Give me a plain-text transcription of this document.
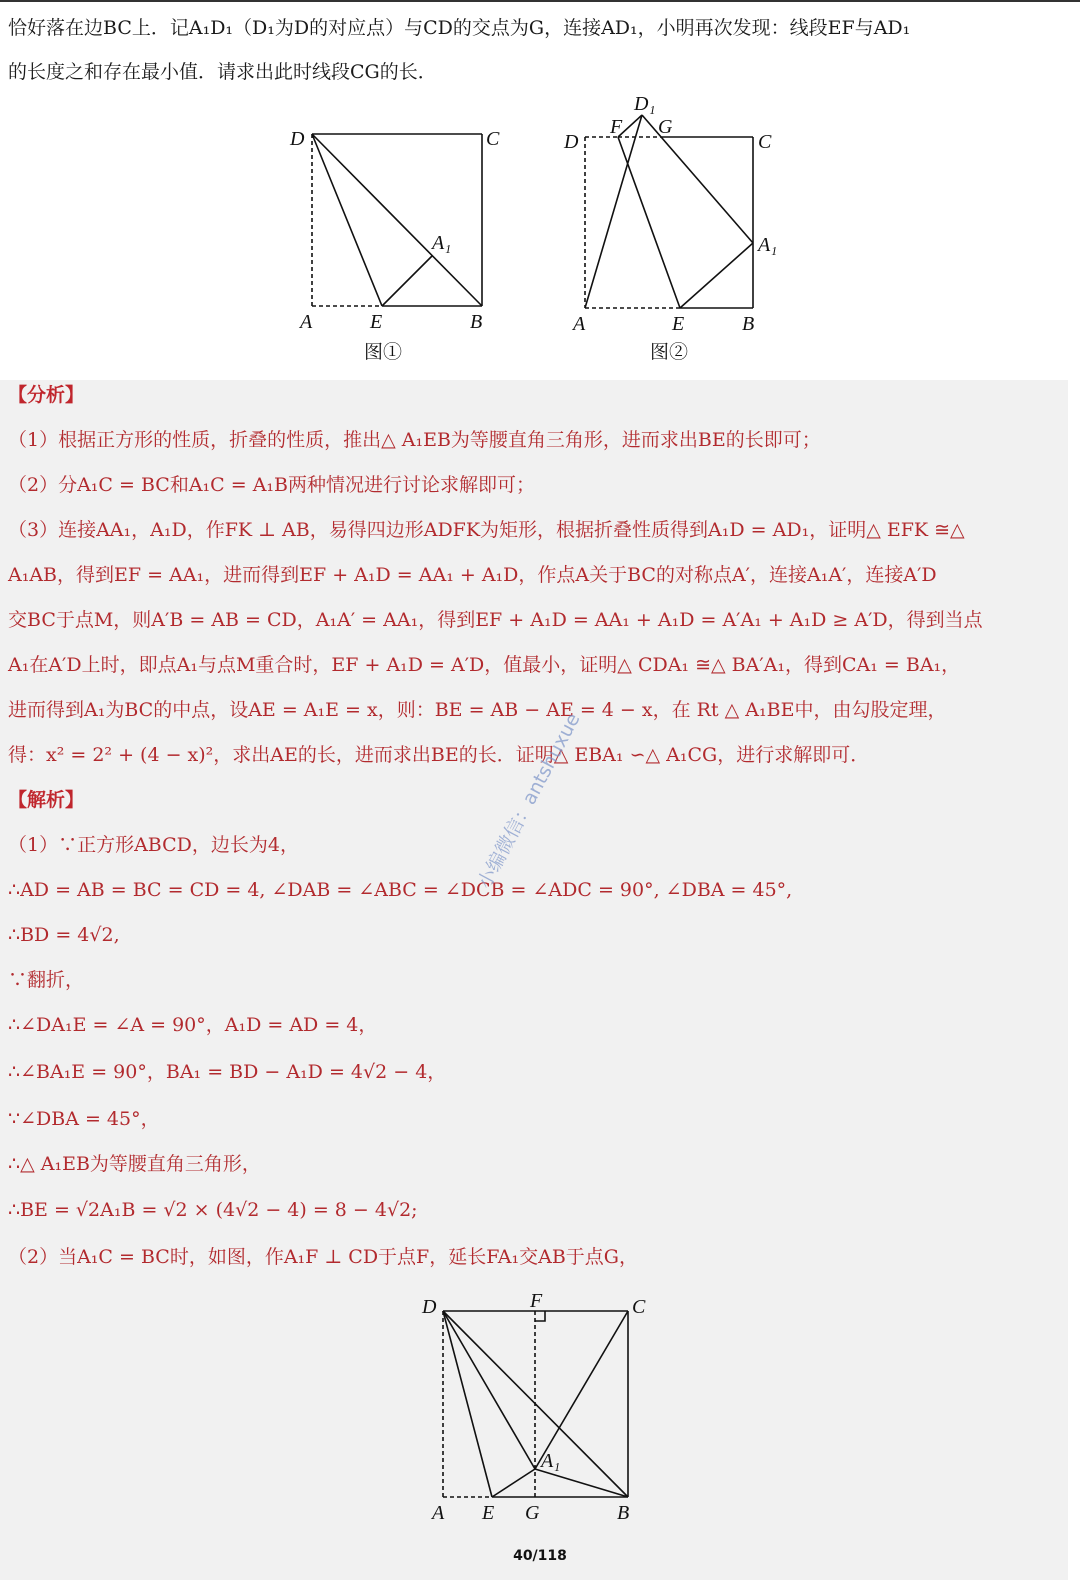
恰好落在边BC上．记A₁D₁（D₁为D的对应点）与CD的交点为G，连接AD₁，小明再次发现：线段EF与AD₁
的长度之和存在最小值．请求出此时线段CG的长．
D	C
A₁
A	E	B
图①
D₁
F G
D	C
A₁
A	E	B
图②
【分析】
（1）根据正方形的性质，折叠的性质，推出△ A₁EB为等腰直角三角形，进而求出BE的长即可；
（2）分A₁C = BC和A₁C = A₁B两种情况进行讨论求解即可；
（3）连接AA₁，A₁D，作FK ⊥ AB，易得四边形ADFK为矩形，根据折叠性质得到A₁D = AD₁，证明△ EFK ≅△
A₁AB，得到EF = AA₁，进而得到EF + A₁D = AA₁ + A₁D，作点A关于BC的对称点A′，连接A₁A′，连接A′D
交BC于点M，则A′B = AB = CD，A₁A′ = AA₁，得到EF + A₁D = AA₁ + A₁D = A′A₁ + A₁D ≥ A′D，得到当点
A₁在A′D上时，即点A₁与点M重合时，EF + A₁D = A′D，值最小，证明△ CDA₁ ≅△ BA′A₁，得到CA₁ = BA₁，
进而得到A₁为BC的中点，设AE = A₁E = x，则：BE = AB − AE = 4 − x，在 Rt △ A₁BE中，由勾股定理，
得：x² = 2² + (4 − x)²，求出AE的长，进而求出BE的长．证明△ EBA₁ ∽△ A₁CG，进行求解即可．
【解析】
（1）∵正方形ABCD，边长为4，
∴AD = AB = BC = CD = 4, ∠DAB = ∠ABC = ∠DCB = ∠ADC = 90°, ∠DBA = 45°,
∴BD = 4√2,
∵翻折，
∴∠DA₁E = ∠A = 90°，A₁D = AD = 4，
∴∠BA₁E = 90°，BA₁ = BD − A₁D = 4√2 − 4，
∵∠DBA = 45°，
∴△ A₁EB为等腰直角三角形，
∴BE = √2A₁B = √2 × (4√2 − 4) = 8 − 4√2;
（2）当A₁C = BC时，如图，作A₁F ⊥ CD于点F，延长FA₁交AB于点G，
D	F	C
A₁
A E G	B
小编微信：antshuxue
40/118
